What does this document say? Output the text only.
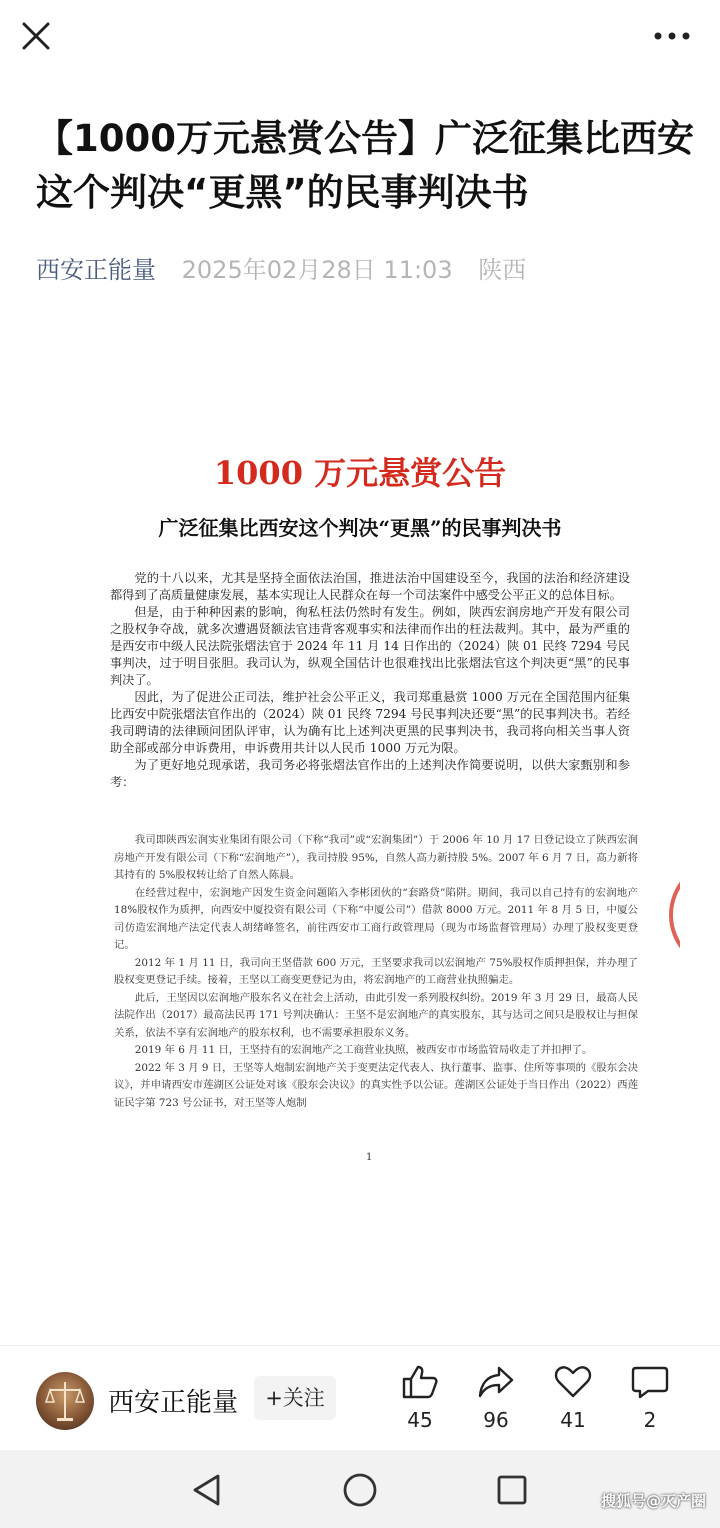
【1000万元悬赏公告】广泛征集比西安这个判决“更黑”的民事判决书
西安正能量 2025年02月28日 11:03 陕西
1000 万元悬赏公告
广泛征集比西安这个判决“更黑”的民事判决书

党的十八以来，尤其是坚持全面依法治国，推进法治中国建设至今，我国的法治和经济建设都得到了高质量健康发展，基本实现让人民群众在每一个司法案件中感受公平正义的总体目标。

但是，由于种种因素的影响，徇私枉法仍然时有发生。例如，陕西宏润房地产开发有限公司之股权争夺战，就多次遭遇贤额法官违背客观事实和法律而作出的枉法裁判。其中，最为严重的是西安市中级人民法院张熠法官于 2024 年 11 月 14 日作出的（2024）陕 01 民终 7294 号民事判决，过于明目张胆。我司认为，纵观全国估计也很难找出比张熠法官这个判决更“黑”的民事判决了。

因此，为了促进公正司法，维护社会公平正义，我司郑重悬赏 1000 万元在全国范围内征集比西安中院张熠法官作出的（2024）陕 01 民终 7294 号民事判决还要“黑”的民事判决书。若经我司聘请的法律顾问团队评审，认为确有比上述判决更黑的民事判决书，我司将向相关当事人资助全部或部分申诉费用，申诉费用共计以人民币 1000 万元为限。

为了更好地兑现承诺，我司务必将张熠法官作出的上述判决作简要说明，以供大家甄别和参考：

我司即陕西宏润实业集团有限公司（下称“我司”或“宏润集团”）于 2006 年 10 月 17 日登记设立了陕西宏润房地产开发有限公司（下称“宏润地产”），我司持股 95%，自然人高力新持股 5%。2007 年 6 月 7 日，高力新将其持有的 5%股权转让给了自然人陈晨。

在经营过程中，宏润地产因发生资金问题陷入李彬团伙的“套路贷”陷阱。期间，我司以自己持有的宏润地产 18%股权作为质押，向西安中厦投资有限公司（下称“中厦公司”）借款 8000 万元。2011 年 8 月 5 日，中厦公司仿造宏润地产法定代表人胡绪峰签名，前往西安市工商行政管理局（现为市场监督管理局）办理了股权变更登记。

2012 年 1 月 11 日，我司向王坚借款 600 万元，王坚要求我司以宏润地产 75%股权作质押担保，并办理了股权变更登记手续。接着，王坚以工商变更登记为由，将宏润地产的工商营业执照骗走。

此后，王坚因以宏润地产股东名义在社会上活动，由此引发一系列股权纠纷。2019 年 3 月 29 日，最高人民法院作出（2017）最高法民再 171 号判决确认：王坚不是宏润地产的真实股东，其与达司之间只是股权让与担保关系，依法不享有宏润地产的股东权利，也不需要承担股东义务。

2019 年 6 月 11 日，王坚持有的宏润地产之工商营业执照，被西安市市场监管局收走了并扣押了。

2022 年 3 月 9 日，王坚等人炮制宏润地产关于变更法定代表人、执行董事、监事、住所等事项的《股东会决议》，并申请西安市莲湖区公证处对该《股东会决议》的真实性予以公证。莲湖区公证处于当日作出（2022）西莲证民字第 723 号公证书，对王坚等人炮制

1
西安正能量	+关注
45	96	41	2
搜狐号@灭产圈
